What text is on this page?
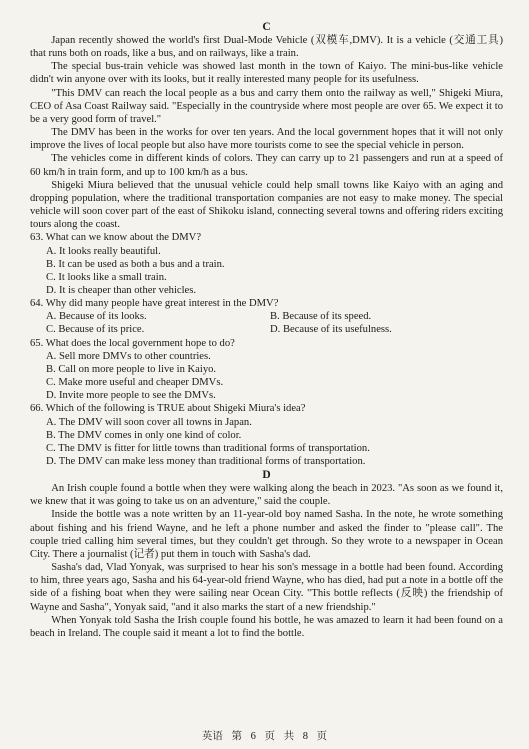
C

Japan recently showed the world's first Dual-Mode Vehicle (双模车,DMV). It is a vehicle (交通工具) that runs both on roads, like a bus, and on railways, like a train.

The special bus-train vehicle was showed last month in the town of Kaiyo. The mini-bus-like vehicle didn't win anyone over with its looks, but it really interested many people for its usefulness.

"This DMV can reach the local people as a bus and carry them onto the railway as well," Shigeki Miura, CEO of Asa Coast Railway said. "Especially in the countryside where most people are over 65. We expect it to be a very good form of travel."

The DMV has been in the works for over ten years. And the local government hopes that it will not only improve the lives of local people but also have more tourists come to see the special vehicle in person.

The vehicles come in different kinds of colors. They can carry up to 21 passengers and run at a speed of 60 km/h in train form, and up to 100 km/h as a bus.

Shigeki Miura believed that the unusual vehicle could help small towns like Kaiyo with an aging and dropping population, where the traditional transportation companies are not easy to make money. The special vehicle will soon cover part of the east of Shikoku island, connecting several towns and offering riders exciting tours along the coast.

63. What can we know about the DMV?

A. It looks really beautiful.

B. It can be used as both a bus and a train.

C. It looks like a small train.

D. It is cheaper than other vehicles.

64. Why did many people have great interest in the DMV?

A. Because of its looks.	B. Because of its speed.
C. Because of its price.	D. Because of its usefulness.

65. What does the local government hope to do?

A. Sell more DMVs to other countries.

B. Call on more people to live in Kaiyo.

C. Make more useful and cheaper DMVs.

D. Invite more people to see the DMVs.

66. Which of the following is TRUE about Shigeki Miura's idea?

A. The DMV will soon cover all towns in Japan.

B. The DMV comes in only one kind of color.

C. The DMV is fitter for little towns than traditional forms of transportation.

D. The DMV can make less money than traditional forms of transportation.

D

An Irish couple found a bottle when they were walking along the beach in 2023. "As soon as we found it, we knew that it was going to take us on an adventure," said the couple.

Inside the bottle was a note written by an 11-year-old boy named Sasha. In the note, he wrote something about fishing and his friend Wayne, and he left a phone number and asked the finder to "please call". The couple tried calling him several times, but they couldn't get through. So they wrote to a newspaper in Ocean City. There a journalist (记者) put them in touch with Sasha's dad.

Sasha's dad, Vlad Yonyak, was surprised to hear his son's message in a bottle had been found. According to him, three years ago, Sasha and his 64-year-old friend Wayne, who has died, had put a note in a bottle off the side of a fishing boat when they were sailing near Ocean City. "This bottle reflects (反映) the friendship of Wayne and Sasha", Yonyak said, "and it also marks the start of a new friendship."

When Yonyak told Sasha the Irish couple found his bottle, he was amazed to learn it had been found on a beach in Ireland. The couple said it meant a lot to find the bottle.

英语 第 6 页 共 8 页
